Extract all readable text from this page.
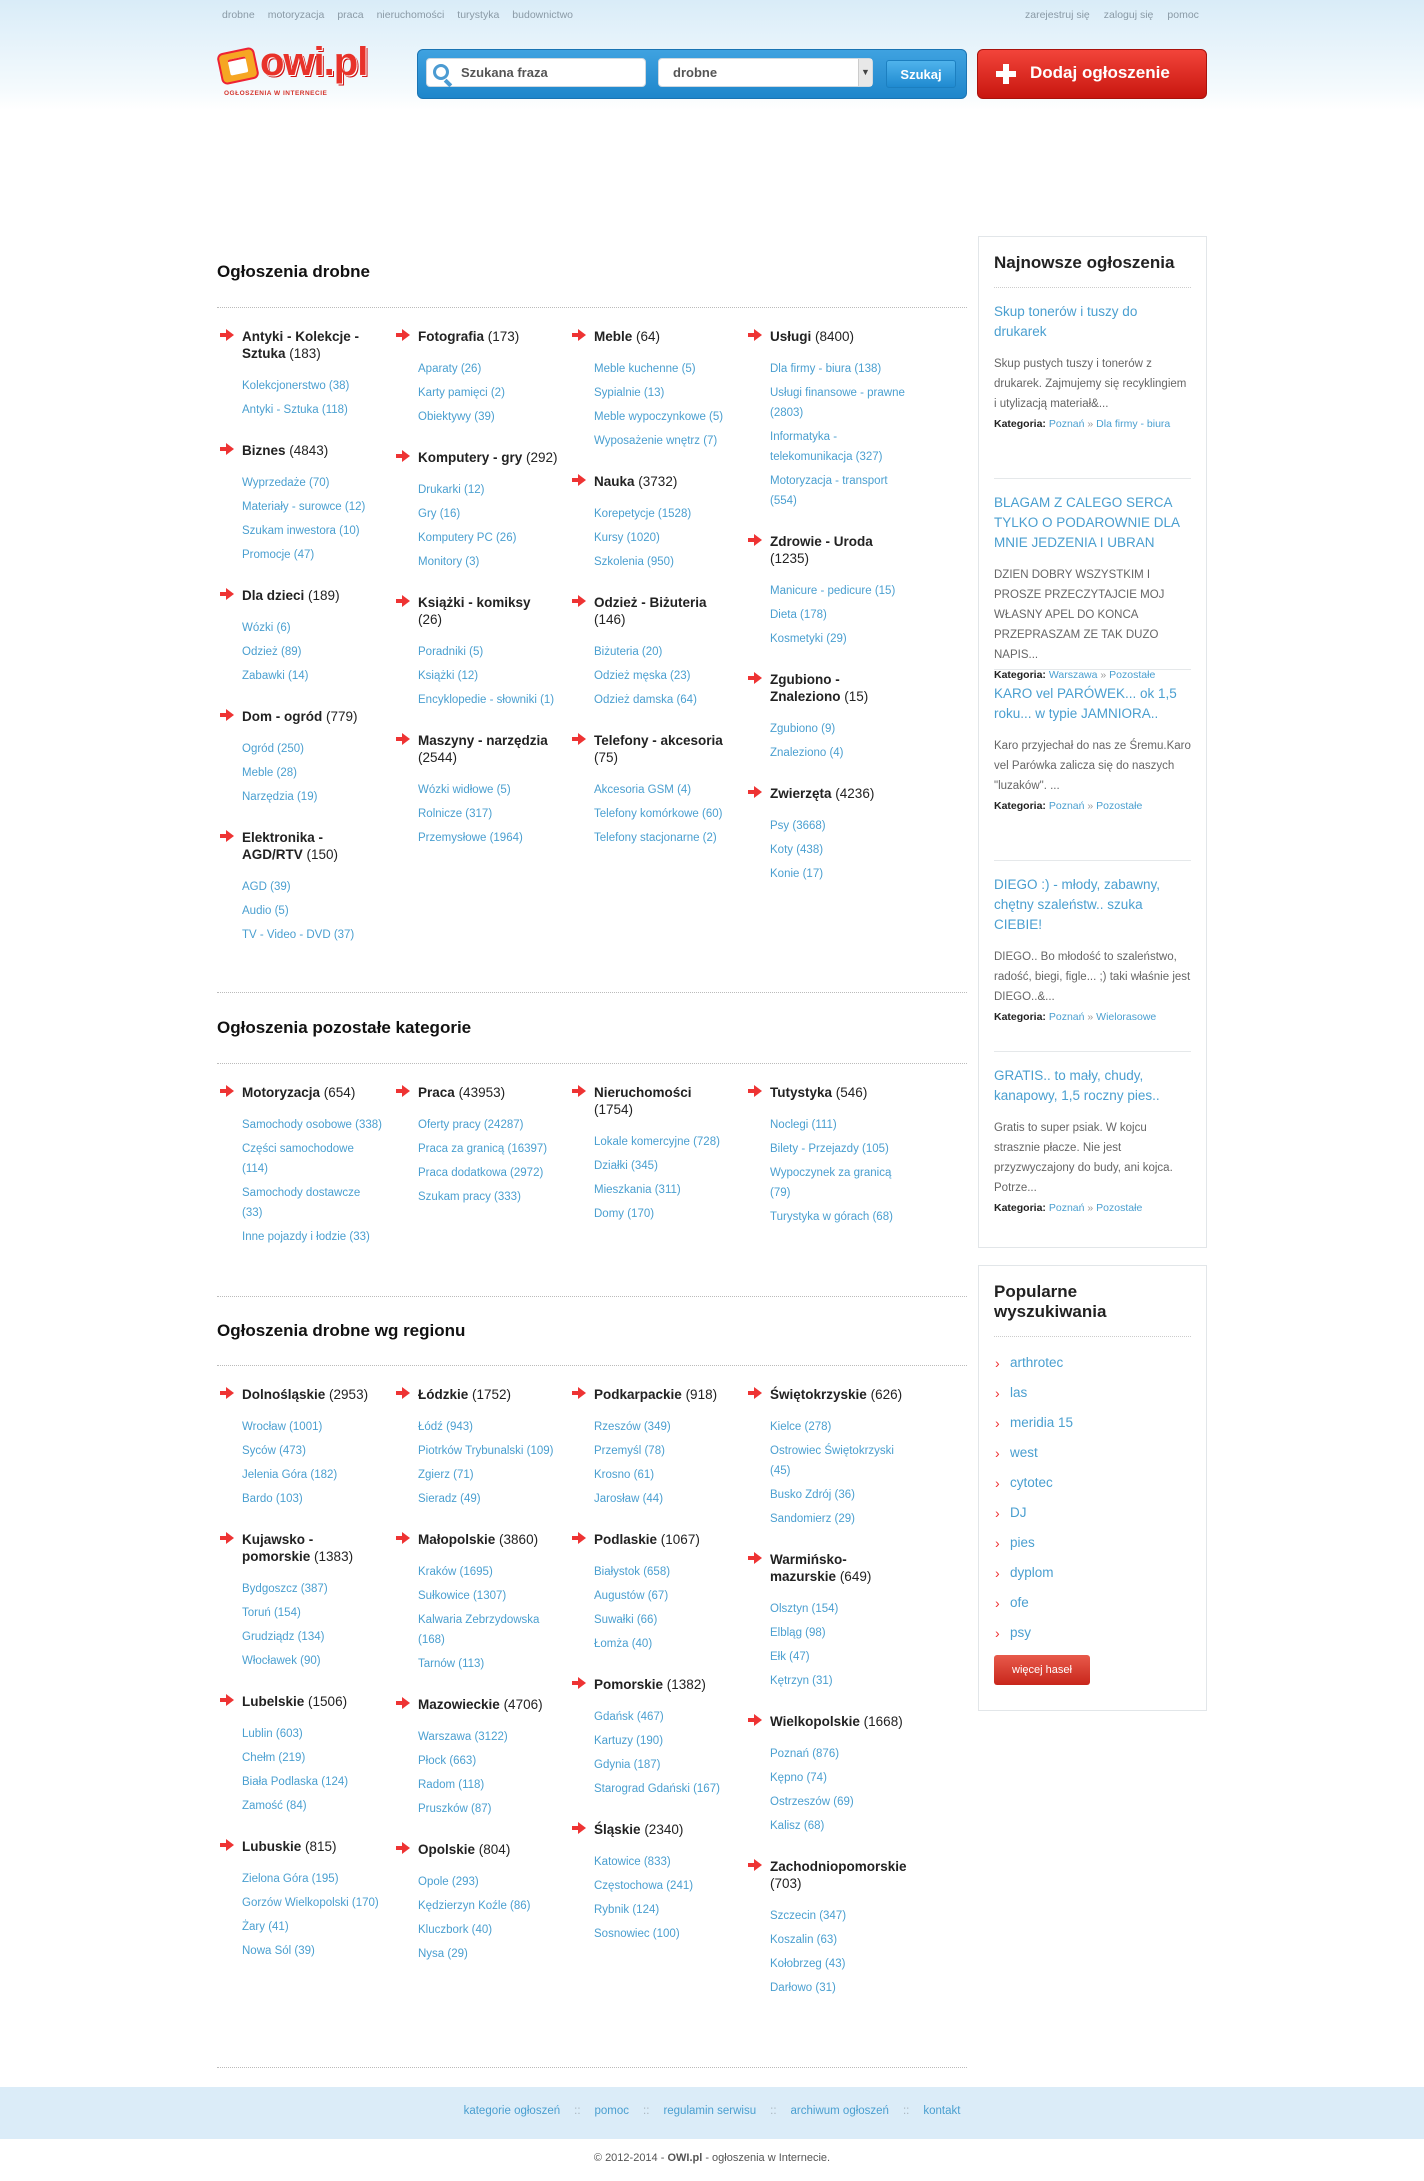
drobne motoryzacja praca nieruchomości turystyka budownictwo	zarejestruj się zaloguj się pomoc
owi.pl
OGŁOSZENIA W INTERNECIE
Szukana fraza	drobne	▼	Szukaj	Dodaj ogłoszenie
Ogłoszenia drobne
Antyki - Kolekcje - Sztuka (183)
Kolekcjonerstwo (38)
Antyki - Sztuka (118)
Biznes (4843)
Wyprzedaże (70)
Materiały - surowce (12)
Szukam inwestora (10)
Promocje (47)
Dla dzieci (189)
Wózki (6)
Odzież (89)
Zabawki (14)
Dom - ogród (779)
Ogród (250)
Meble (28)
Narzędzia (19)
Elektronika - AGD/RTV (150)
AGD (39)
Audio (5)
TV - Video - DVD (37)
Fotografia (173)
Aparaty (26)
Karty pamięci (2)
Obiektywy (39)
Komputery - gry (292)
Drukarki (12)
Gry (16)
Komputery PC (26)
Monitory (3)
Książki - komiksy (26)
Poradniki (5)
Książki (12)
Encyklopedie - słowniki (1)
Maszyny - narzędzia (2544)
Wózki widłowe (5)
Rolnicze (317)
Przemysłowe (1964)
Meble (64)
Meble kuchenne (5)
Sypialnie (13)
Meble wypoczynkowe (5)
Wyposażenie wnętrz (7)
Nauka (3732)
Korepetycje (1528)
Kursy (1020)
Szkolenia (950)
Odzież - Biżuteria (146)
Biżuteria (20)
Odzież męska (23)
Odzież damska (64)
Telefony - akcesoria (75)
Akcesoria GSM (4)
Telefony komórkowe (60)
Telefony stacjonarne (2)
Usługi (8400)
Dla firmy - biura (138)
Usługi finansowe - prawne (2803)
Informatyka - telekomunikacja (327)
Motoryzacja - transport (554)
Zdrowie - Uroda (1235)
Manicure - pedicure (15)
Dieta (178)
Kosmetyki (29)
Zgubiono - Znaleziono (15)
Zgubiono (9)
Znaleziono (4)
Zwierzęta (4236)
Psy (3668)
Koty (438)
Konie (17)
Ogłoszenia pozostałe kategorie
Motoryzacja (654)
Samochody osobowe (338)
Części samochodowe (114)
Samochody dostawcze (33)
Inne pojazdy i łodzie (33)
Praca (43953)
Oferty pracy (24287)
Praca za granicą (16397)
Praca dodatkowa (2972)
Szukam pracy (333)
Nieruchomości (1754)
Lokale komercyjne (728)
Działki (345)
Mieszkania (311)
Domy (170)
Tutystyka (546)
Noclegi (111)
Bilety - Przejazdy (105)
Wypoczynek za granicą (79)
Turystyka w górach (68)
Ogłoszenia drobne wg regionu
Dolnośląskie (2953)
Wrocław (1001)
Syców (473)
Jelenia Góra (182)
Bardo (103)
Kujawsko - pomorskie (1383)
Bydgoszcz (387)
Toruń (154)
Grudziądz (134)
Włocławek (90)
Lubelskie (1506)
Lublin (603)
Chełm (219)
Biała Podlaska (124)
Zamość (84)
Lubuskie (815)
Zielona Góra (195)
Gorzów Wielkopolski (170)
Żary (41)
Nowa Sól (39)
Łódzkie (1752)
Łódź (943)
Piotrków Trybunalski (109)
Zgierz (71)
Sieradz (49)
Małopolskie (3860)
Kraków (1695)
Sułkowice (1307)
Kalwaria Zebrzydowska (168)
Tarnów (113)
Mazowieckie (4706)
Warszawa (3122)
Płock (663)
Radom (118)
Pruszków (87)
Opolskie (804)
Opole (293)
Kędzierzyn Koźle (86)
Kluczbork (40)
Nysa (29)
Podkarpackie (918)
Rzeszów (349)
Przemyśl (78)
Krosno (61)
Jarosław (44)
Podlaskie (1067)
Białystok (658)
Augustów (67)
Suwałki (66)
Łomża (40)
Pomorskie (1382)
Gdańsk (467)
Kartuzy (190)
Gdynia (187)
Starograd Gdański (167)
Śląskie (2340)
Katowice (833)
Częstochowa (241)
Rybnik (124)
Sosnowiec (100)
Świętokrzyskie (626)
Kielce (278)
Ostrowiec Świętokrzyski (45)
Busko Zdrój (36)
Sandomierz (29)
Warmińsko-mazurskie (649)
Olsztyn (154)
Elbląg (98)
Ełk (47)
Kętrzyn (31)
Wielkopolskie (1668)
Poznań (876)
Kępno (74)
Ostrzeszów (69)
Kalisz (68)
Zachodniopomorskie (703)
Szczecin (347)
Koszalin (63)
Kołobrzeg (43)
Darłowo (31)
Najnowsze ogłoszenia
Skup tonerów i tuszy do drukarek
Skup pustych tuszy i tonerów z drukarek. Zajmujemy się recyklingiem i utylizacją materiał&...
Kategoria: Poznań » Dla firmy - biura
BLAGAM Z CALEGO SERCA TYLKO O PODAROWNIE DLA MNIE JEDZENIA I UBRAN
DZIEN DOBRY WSZYSTKIM I PROSZE PRZECZYTAJCIE MOJ WŁASNY APEL DO KONCA PRZEPRASZAM ZE TAK DUZO NAPIS...
Kategoria: Warszawa » Pozostałe
KARO vel PARÓWEK... ok 1,5 roku... w typie JAMNIORA..
Karo przyjechał do nas ze Śremu.Karo vel Parówka zalicza się do naszych "luzaków". ...
Kategoria: Poznań » Pozostałe
DIEGO :) - młody, zabawny, chętny szaleństw.. szuka CIEBIE!
DIEGO.. Bo młodość to szaleństwo, radość, biegi, figle... ;) taki właśnie jest DIEGO..&...
Kategoria: Poznań » Wielorasowe
GRATIS.. to mały, chudy, kanapowy, 1,5 roczny pies..
Gratis to super psiak. W kojcu strasznie płacze. Nie jest przyzwyczajony do budy, ani kojca. Potrze...
Kategoria: Poznań » Pozostałe
Popularne wyszukiwania
› arthrotec
› las
› meridia 15
› west
› cytotec
› DJ
› pies
› dyplom
› ofe
› psy
więcej haseł
kategorie ogłoszeń :: pomoc :: regulamin serwisu :: archiwum ogłoszeń :: kontakt
© 2012-2014 - OWI.pl - ogłoszenia w Internecie.
